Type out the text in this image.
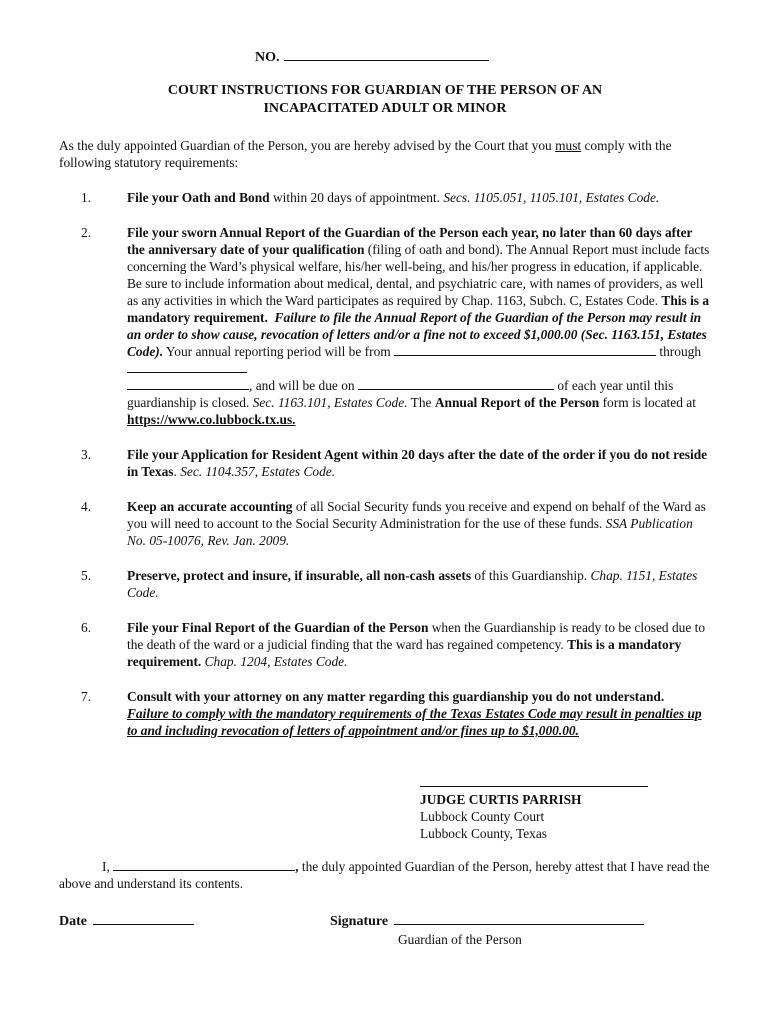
NO.
COURT INSTRUCTIONS FOR GUARDIAN OF THE PERSON OF AN
INCAPACITATED ADULT OR MINOR
As the duly appointed Guardian of the Person, you are hereby advised by the Court that you must comply with the following statutory requirements:
1.	File your Oath and Bond within 20 days of appointment. Secs. 1105.051, 1105.101, Estates Code.
2.	File your sworn Annual Report of the Guardian of the Person each year, no later than 60 days after the anniversary date of your qualification (filing of oath and bond). The Annual Report must include facts concerning the Ward’s physical welfare, his/her well-being, and his/her progress in education, if applicable. Be sure to include information about medical, dental, and psychiatric care, with names of providers, as well as any activities in which the Ward participates as required by Chap. 1163, Subch. C, Estates Code. This is a mandatory requirement. Failure to file the Annual Report of the Guardian of the Person may result in an order to show cause, revocation of letters and/or a fine not to exceed $1,000.00 (Sec. 1163.151, Estates Code). Your annual reporting period will be from	through
, and will be due on	of each year until this guardianship is closed. Sec. 1163.101, Estates Code. The Annual Report of the Person form is located at https://www.co.lubbock.tx.us.
3.	File your Application for Resident Agent within 20 days after the date of the order if you do not reside in Texas. Sec. 1104.357, Estates Code.
4.	Keep an accurate accounting of all Social Security funds you receive and expend on behalf of the Ward as you will need to account to the Social Security Administration for the use of these funds. SSA Publication No. 05-10076, Rev. Jan. 2009.
5.	Preserve, protect and insure, if insurable, all non-cash assets of this Guardianship. Chap. 1151, Estates Code.
6.	File your Final Report of the Guardian of the Person when the Guardianship is ready to be closed due to the death of the ward or a judicial finding that the ward has regained competency. This is a mandatory requirement. Chap. 1204, Estates Code.
7.	Consult with your attorney on any matter regarding this guardianship you do not understand.
Failure to comply with the mandatory requirements of the Texas Estates Code may result in penalties up to and including revocation of letters of appointment and/or fines up to $1,000.00.
JUDGE CURTIS PARRISH
Lubbock County Court
Lubbock County, Texas
I,	, the duly appointed Guardian of the Person, hereby attest that I have read the above and understand its contents.
Date	Signature
Guardian of the Person
